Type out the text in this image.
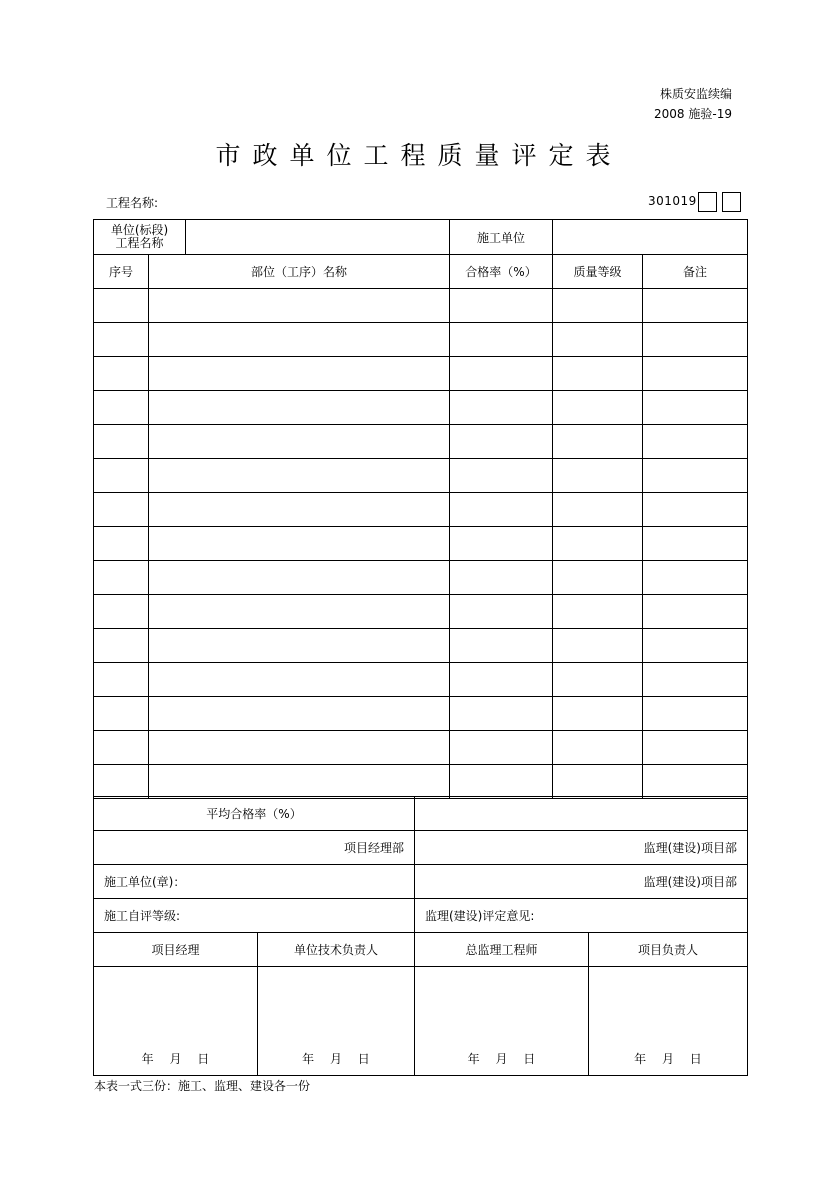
株质安监续编
2008 施验-19
市政单位工程质量评定表
工程名称:	301019
单位(标段)
工程名称			施工单位		
序号	部位（工序）名称		合格率（%）	质量等级	备注

平均合格率（%）			
项目经理部		监理(建设)项目部	
施工单位(章)：		监理(建设)项目部	
施工自评等级:		监理(建设)评定意见:	
项目经理	单位技术负责人	总监理工程师	项目负责人
年 月 日	年 月 日	年 月 日	年 月 日
本表一式三份：施工、监理、建设各一份
